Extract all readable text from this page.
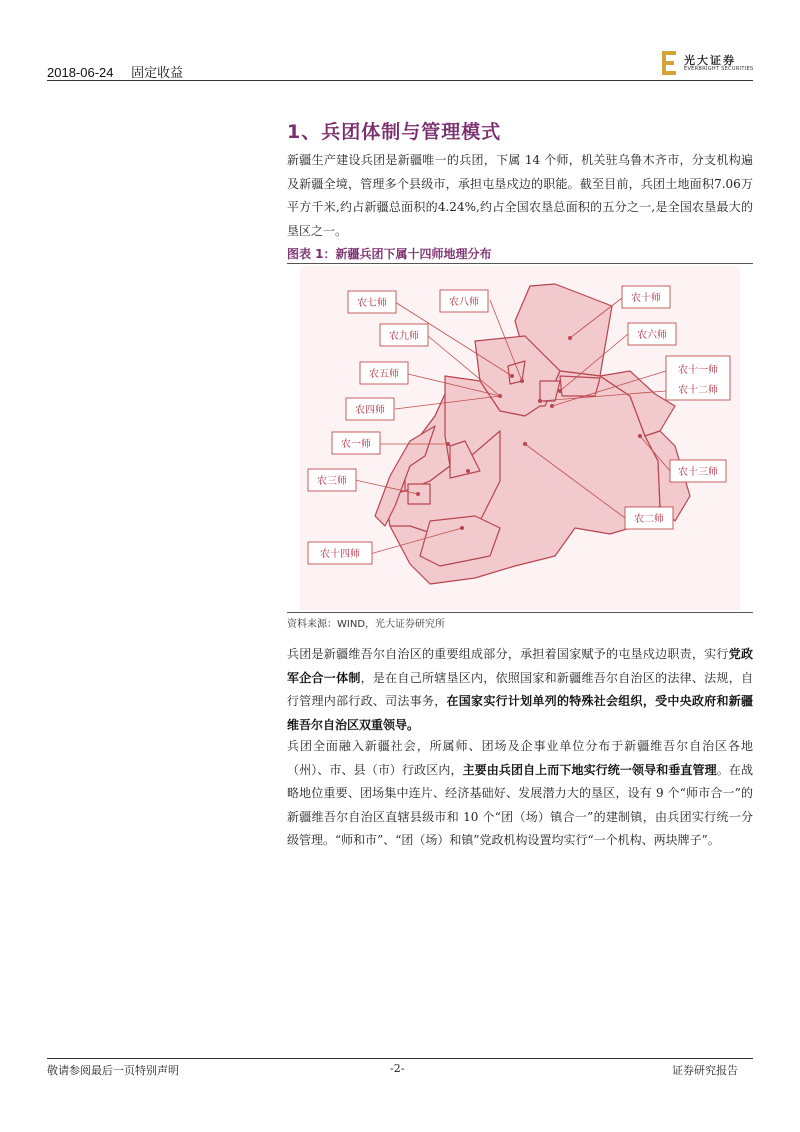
2018-06-24 固定收益
光大证券
EVERBRIGHT SECURITIES
1、兵团体制与管理模式
新疆生产建设兵团是新疆唯一的兵团，下属 14 个师，机关驻乌鲁木齐市，分支机构遍及新疆全境，管理多个县级市，承担屯垦戍边的职能。截至目前，兵团土地面积7.06万平方千米,约占新疆总面积的4.24%,约占全国农垦总面积的五分之一,是全国农垦最大的垦区之一。
图表 1：新疆兵团下属十四师地理分布
农七师	农八师	农十师
农九师	农六师
农五师	农十一师
农十二师
农四师
农一师
农十三师
农三师
农二师
农十四师
资料来源：WIND，光大证券研究所
兵团是新疆维吾尔自治区的重要组成部分，承担着国家赋予的屯垦戍边职责，实行党政军企合一体制，是在自己所辖垦区内，依照国家和新疆维吾尔自治区的法律、法规，自行管理内部行政、司法事务，在国家实行计划单列的特殊社会组织，受中央政府和新疆维吾尔自治区双重领导。
兵团全面融入新疆社会，所属师、团场及企事业单位分布于新疆维吾尔自治区各地（州）、市、县（市）行政区内，主要由兵团自上而下地实行统一领导和垂直管理。在战略地位重要、团场集中连片、经济基础好、发展潜力大的垦区，设有 9 个“师市合一”的新疆维吾尔自治区直辖县级市和 10 个“团（场）镇合一”的建制镇，由兵团实行统一分级管理。“师和市”、“团（场）和镇”党政机构设置均实行“一个机构、两块牌子”。
敬请参阅最后一页特别声明	-2-	证券研究报告
